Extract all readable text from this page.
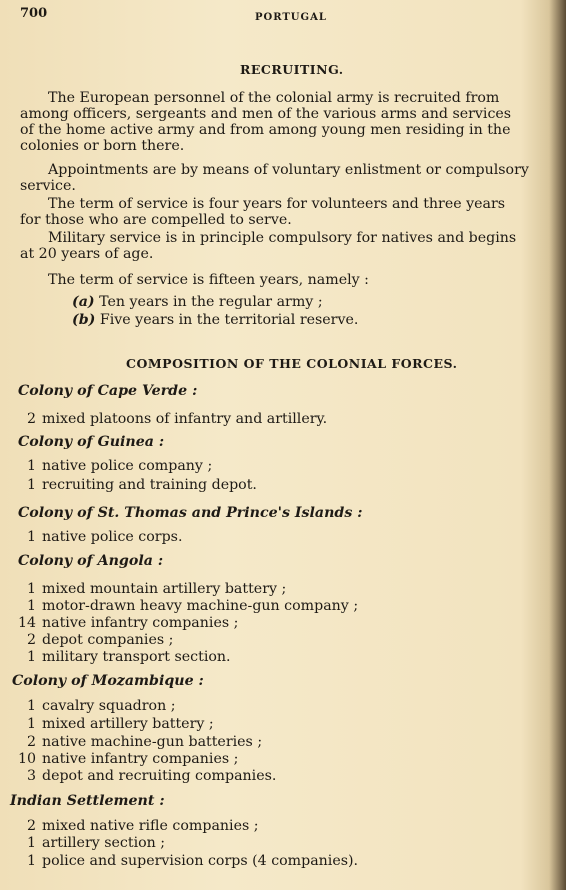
700	PORTUGAL
RECRUITING.
The European personnel of the colonial army is recruited from
among officers, sergeants and men of the various arms and services
of the home active army and from among young men residing in the
colonies or born there.
Appointments are by means of voluntary enlistment or compulsory
service.
The term of service is four years for volunteers and three years
for those who are compelled to serve.
Military service is in principle compulsory for natives and begins
at 20 years of age.
The term of service is fifteen years, namely :
(a) Ten years in the regular army ;
(b) Five years in the territorial reserve.
COMPOSITION OF THE COLONIAL FORCES.
Colony of Cape Verde :
2 mixed platoons of infantry and artillery.
Colony of Guinea :
1 native police company ;
1 recruiting and training depot.
Colony of St. Thomas and Prince's Islands :
1 native police corps.
Colony of Angola :
1 mixed mountain artillery battery ;
1 motor-drawn heavy machine-gun company ;
14 native infantry companies ;
2 depot companies ;
1 military transport section.
Colony of Mozambique :
1 cavalry squadron ;
1 mixed artillery battery ;
2 native machine-gun batteries ;
10 native infantry companies ;
3 depot and recruiting companies.
Indian Settlement :
2 mixed native rifle companies ;
1 artillery section ;
1 police and supervision corps (4 companies).
